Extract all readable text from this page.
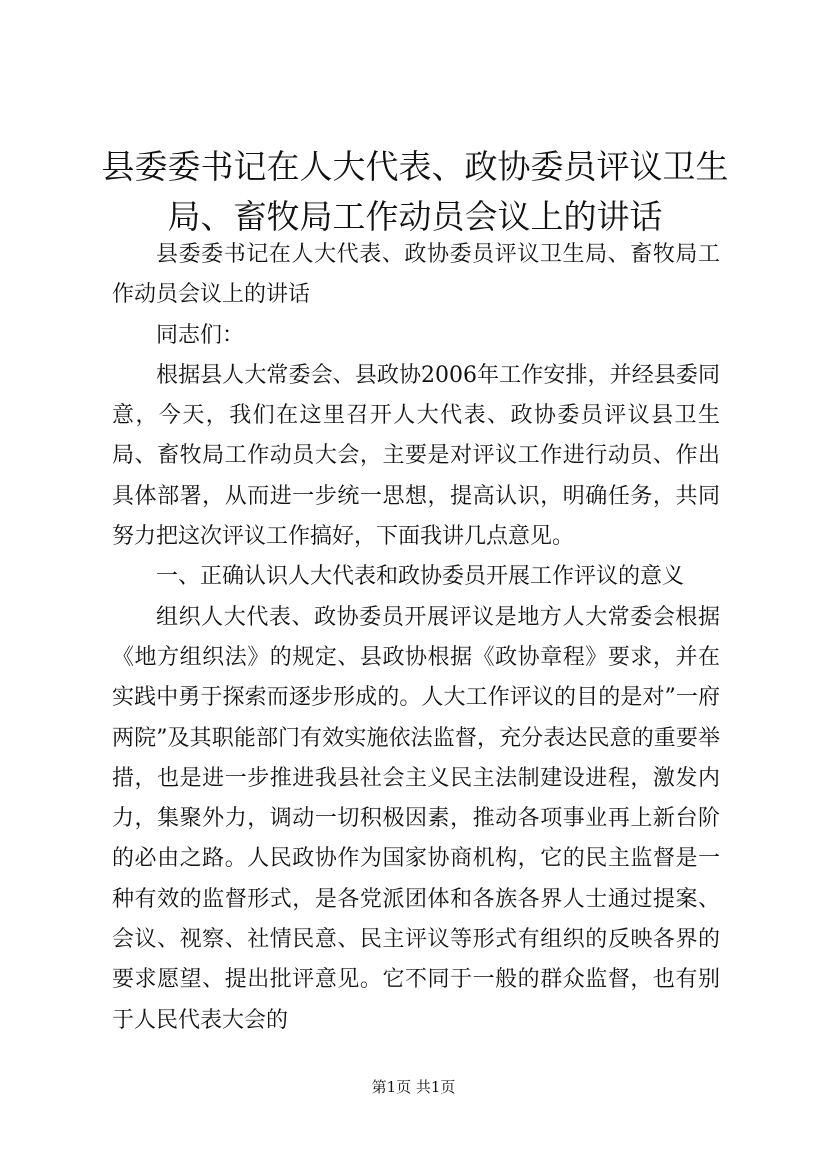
县委委书记在人大代表、政协委员评议卫生局、畜牧局工作动员会议上的讲话

县委委书记在人大代表、政协委员评议卫生局、畜牧局工作动员会议上的讲话

同志们：

根据县人大常委会、县政协2006年工作安排，并经县委同意，今天，我们在这里召开人大代表、政协委员评议县卫生局、畜牧局工作动员大会，主要是对评议工作进行动员、作出具体部署，从而进一步统一思想，提高认识，明确任务，共同努力把这次评议工作搞好，下面我讲几点意见。

一、正确认识人大代表和政协委员开展工作评议的意义

组织人大代表、政协委员开展评议是地方人大常委会根据《地方组织法》的规定、县政协根据《政协章程》要求，并在实践中勇于探索而逐步形成的。人大工作评议的目的是对”一府两院”及其职能部门有效实施依法监督，充分表达民意的重要举措，也是进一步推进我县社会主义民主法制建设进程，激发内力，集聚外力，调动一切积极因素，推动各项事业再上新台阶的必由之路。人民政协作为国家协商机构，它的民主监督是一种有效的监督形式，是各党派团体和各族各界人士通过提案、会议、视察、社情民意、民主评议等形式有组织的反映各界的要求愿望、提出批评意见。它不同于一般的群众监督，也有别于人民代表大会的

第1页 共1页
